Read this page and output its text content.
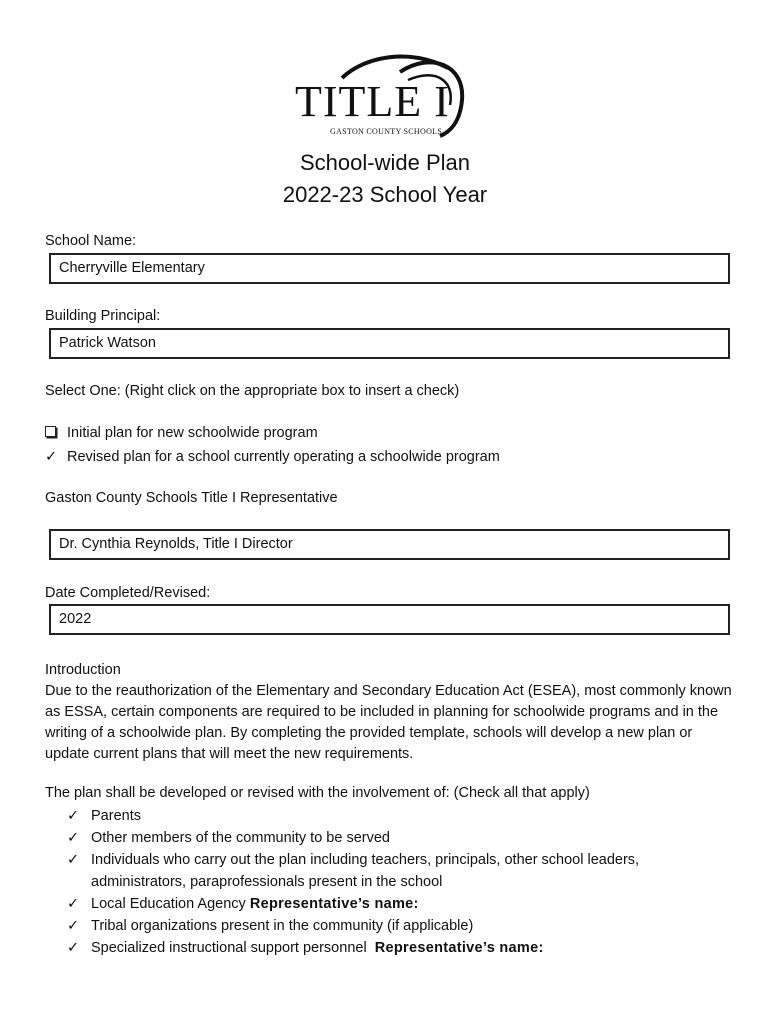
TITLE I
GASTON COUNTY SCHOOLS
School-wide Plan
2022-23 School Year
School Name:
Cherryville Elementary
Building Principal:
Patrick Watson
Select One: (Right click on the appropriate box to insert a check)
Initial plan for new schoolwide program
✓ Revised plan for a school currently operating a schoolwide program
Gaston County Schools Title I Representative
Dr. Cynthia Reynolds, Title I Director
Date Completed/Revised:
2022
Introduction
Due to the reauthorization of the Elementary and Secondary Education Act (ESEA), most commonly known as ESSA, certain components are required to be included in planning for schoolwide programs and in the writing of a schoolwide plan. By completing the provided template, schools will develop a new plan or update current plans that will meet the new requirements.
The plan shall be developed or revised with the involvement of: (Check all that apply)
✓ Parents
✓ Other members of the community to be served
✓ Individuals who carry out the plan including teachers, principals, other school leaders, administrators, paraprofessionals present in the school
✓ Local Education Agency Representative’s name:
✓ Tribal organizations present in the community (if applicable)
✓ Specialized instructional support personnel  Representative’s name:
